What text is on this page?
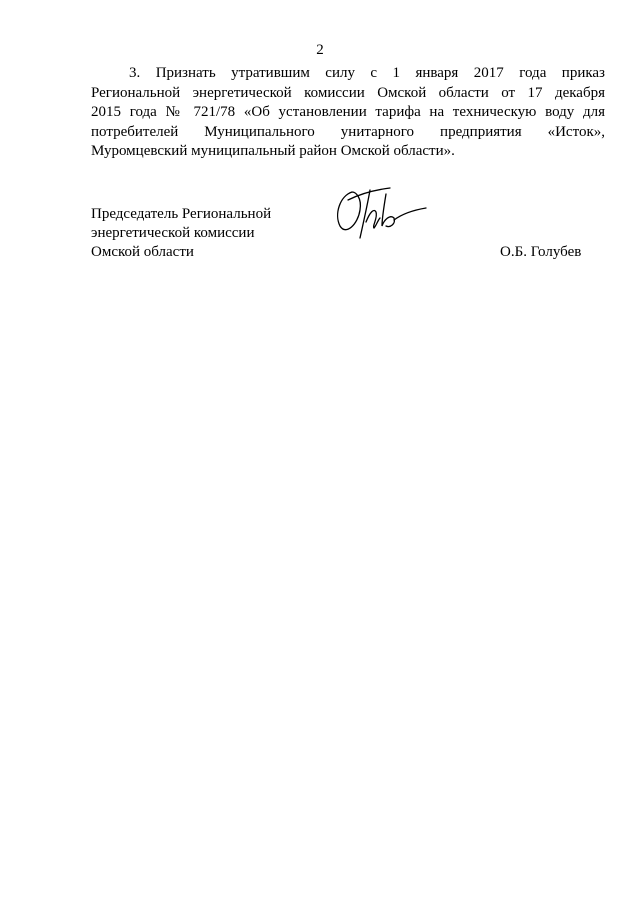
2
3. Признать утратившим силу с 1 января 2017 года приказ
Региональной энергетической комиссии Омской области от 17 декабря
2015 года № 721/78 «Об установлении тарифа на техническую воду для
потребителей Муниципального унитарного предприятия «Исток»,
Муромцевский муниципальный район Омской области».
Председатель Региональной
энергетической комиссии
Омской области	О.Б. Голубев
